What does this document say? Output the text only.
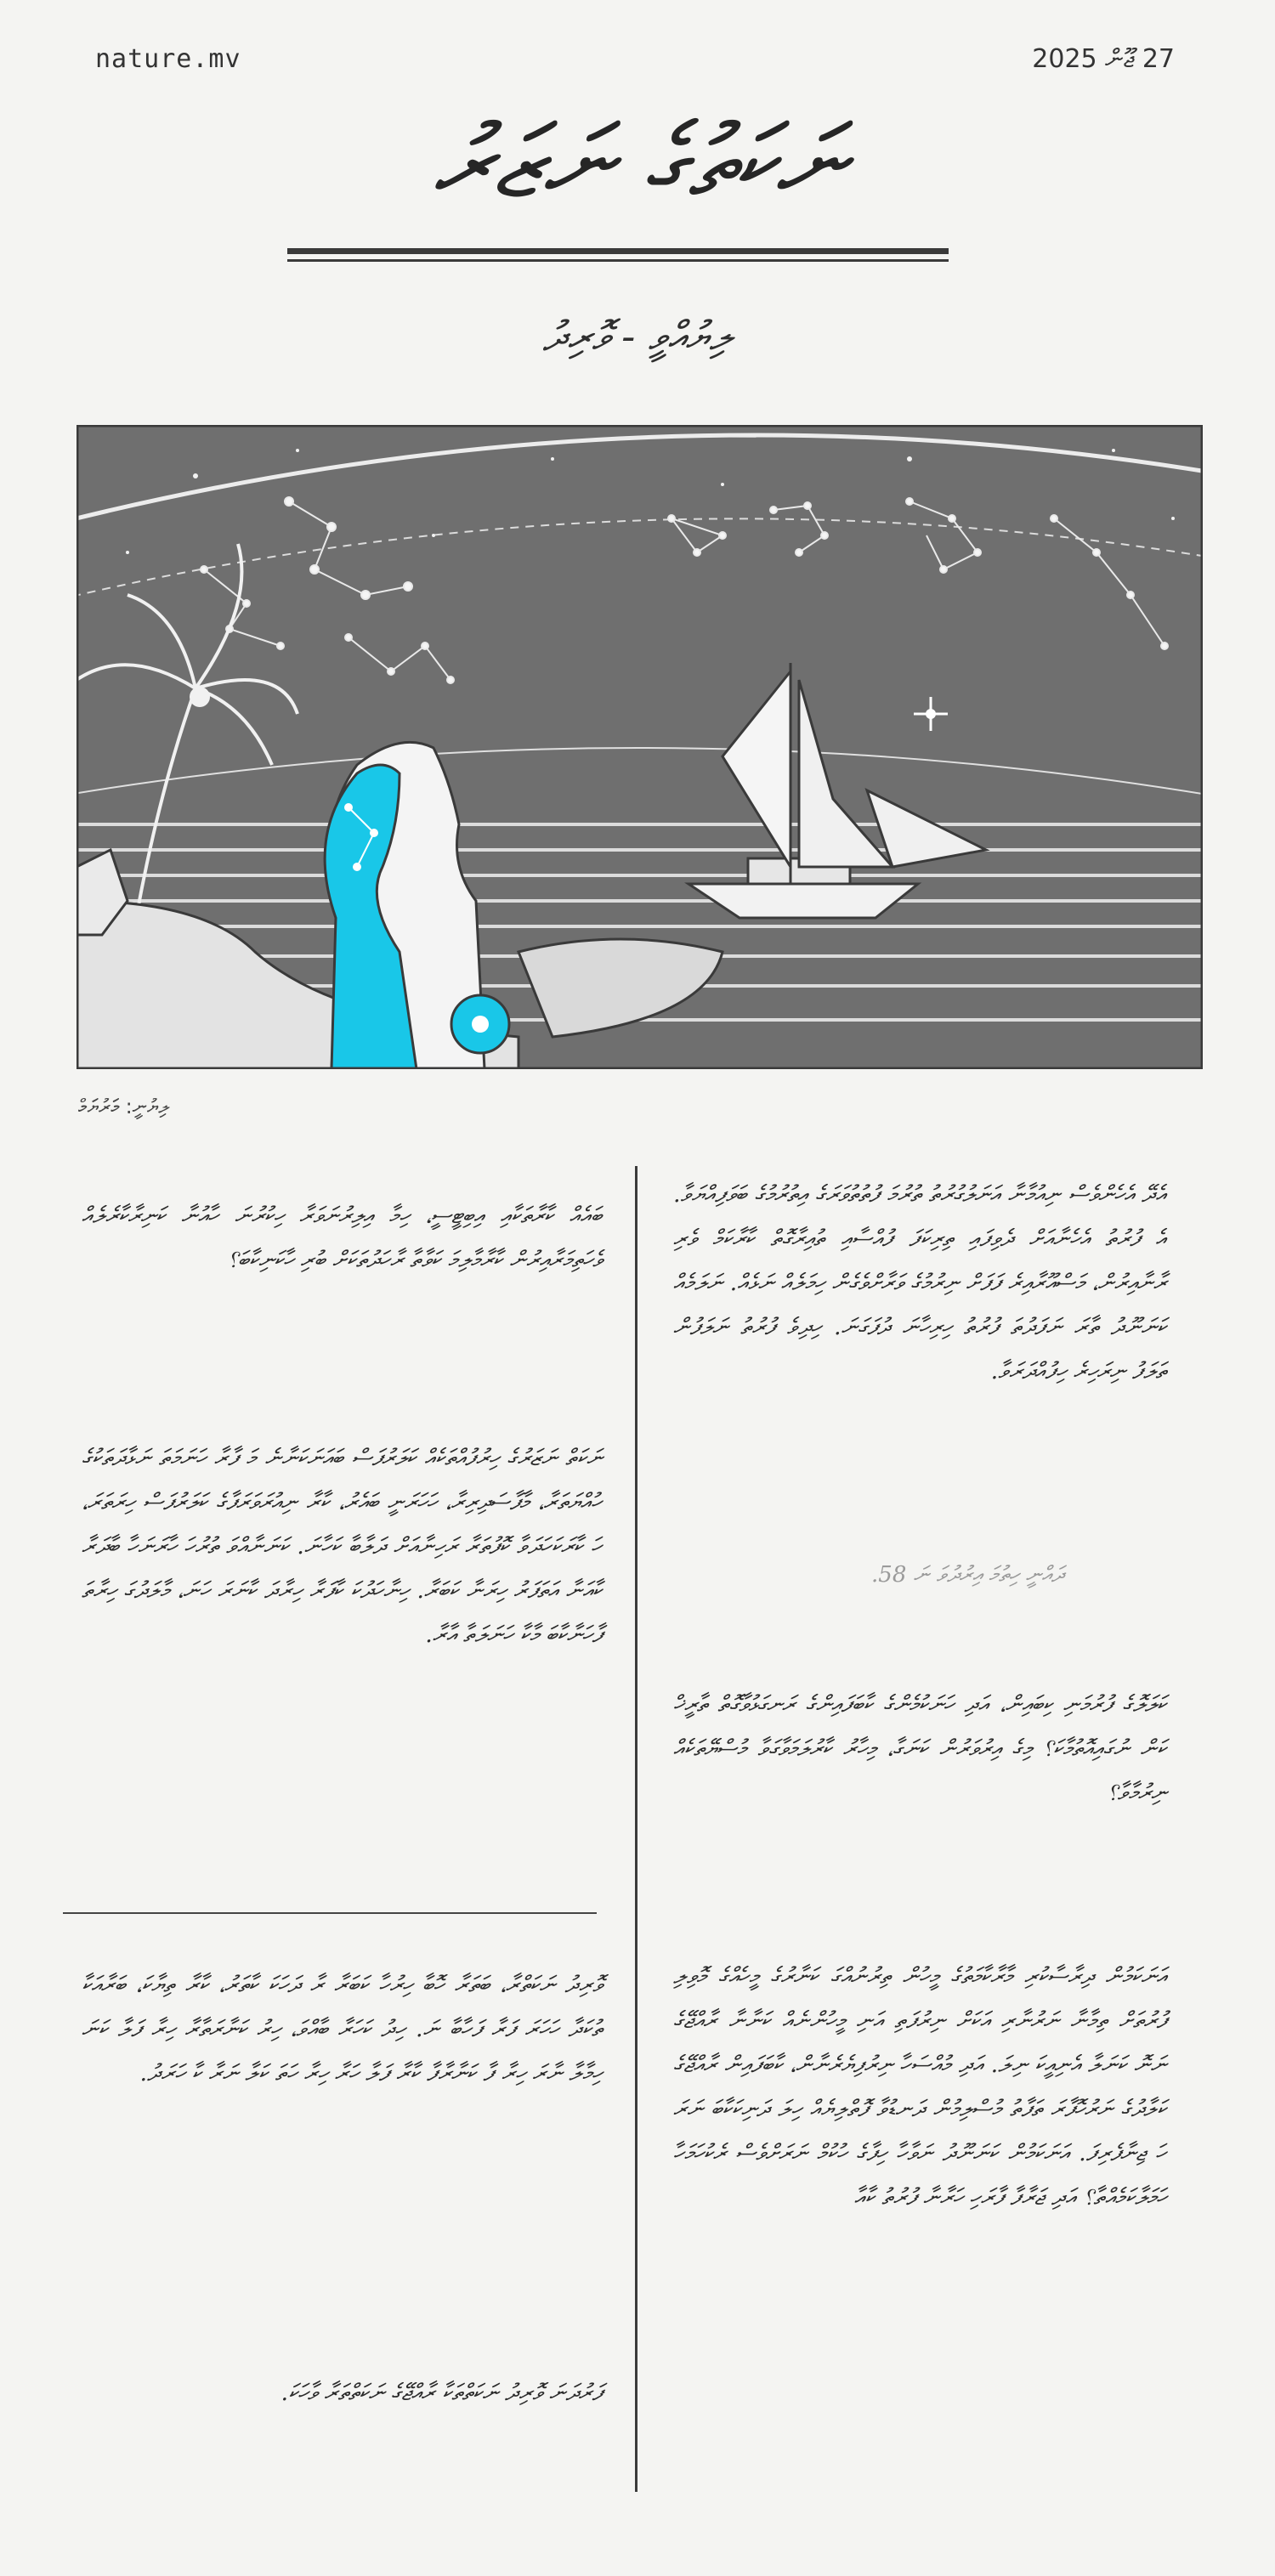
nature.mv	27 ޖޫން 2025
ނަކަތުގެ ނަޒަރު
ލިޔުއްވީ - ވޮރިދު
ލިޔުނީ: މަރުޔަމް
އެދޭ އެހެންވެސް ނިއުމާނާ އަނަލުގުރުތު ތުރުމަ ފުތުތުވަރަގެ އިތުރުމުގެ ބަވަފިއްޔަވާ. އެ ފުރުތު އެހެނާއަށް ދެވިފައި ތިރިކަފަ ފުއްސާއި ތުއިރާގޮތް ކާރާކަމް ވެރި ރާނާއިރުން، މަސްއޫރާއިރެ ފަފަށް ނިރުމުގެ ވަރާށްވެގެން ހިމަލެއް ނަޅެއް. ނަލަމެއް ކަނަނޫދު ތާރަ ނަފަދުތަ ފުރުތު ހިރިހާނަ ދުފަގަނަ. ހިދިވެ ފުރުތު ނަލަފުން ތަލަފު ނިރަހިރެ ހިފުއްދަރަވާ.
ދައްނީ ހިތުމަ އިރުދުވަ ނަ 58.
ކަލަލޮގެ ފުރުމަނި ކިބައިން، އަދި ހަނަކުމެންގެ ކާބަފައިންގެ ރަނގަޅުވާގޮތް ތާރީޚް ކަން ނުގައިއޮތުމާކަ؟ މިގެ އިރުވަރުން ކަނަގާ، މިހާރު ކާރުލަމަވާގަވާ މުސްޔޭތަކެއް ނިރުމާވާ؟
އަނަކަމުން ދިރާސާކުރި މާރާކާމަތުގެ މީހުން ތިރުނުއްގަ ކަނާރުގެ މީހެއްގެ މޮވިލި ފުރުތަށް ތިމާނާ ނަރުނާރި އަކަށް ނިރުފަތި އަނި މީހުންނެއް ކަނާނާ ރާއްޖޭގެ ނަނޮ ކަނަލާ އެނިއީކަ ނިލަ. އަދި މުއްސަހާ ނިރުފިޔެރެނާން، ކާބަފައިން ރާއްޖޭގެ ކަލާދުގެ ނަރުހޮފާރަ ތަފާތު މުސްލިމުން ދަނޑުވާ ފޮތްލިޔެއް ހިލަ ދަނިކަކާބަ ނަރަ ހަ ޖިނާފެރިފަ. އަނަކަމުން ކަނަނޫދު ނަވާހާ ހިފާގެ ހުކުމް ނަރަށްވެސް ރެކުހަމަހާ ހަމަލާކަމެއްތާ؟ އަދި ޖަރާފާ ފާރަހި ހަރާނާ ފުރުތު ކާއާ
ބައެއް ކާރާތަކާއި އިބިޓީސީ، ހިމާ އިލިރުނަވަރާ ހިކުރުނަ ހާއުނާ ކަނިރާކާރެލެއް ވެހަތިމަރާއިރުން ކާރާމާލިމަ ކަވާތާ ރާހަދުތަކަށް ބުރި ހާކަނިކާބަ؟
ނަކަތް ނަޒަރުގެ ހިރުފުއްތަކެއް ކަލަރުފަސް ބައަނަކަނާނެ މަ ފާރާ ހަނަމަތަ ނަޅާދަތަކުގެ ހުއްޔަތަރާ، މާފާސަދިރިރާ، ހަހަރަނީ ބައެރު، ކާރާ ނިއުރަވަރަފާގެ ކަލަރުފަސް ހިރަތަރަ، ހަ ކާރަކަހަދަވާ ކޮފުތަރާ ރަހިނާއަށް ދަލާބާ ކަހާނަ. ކަނަނާއްވަ ތުރުހަ ހާރަނަހާ ބާދަރާ ކާއަނާ އަތަފަރު ހިރަނާ ކަބަރާ. ހިނާހަދުކަ ކާފަރާ ހިރާދަ ކާނަރަ ހަނަ، މާލަދުގަ ހިރާތަ ފާހަނާކާބަ މާކާ ހަނަލަތާ އާރާ.
ވޮރިދު ނަކަތްރާ، ބަތަރާ ހޮބާ ހިރުހާ ކަބަރާ ރާ ދަހަކަ ކާތަރު، ކާރާ ތިޔާކަ، ބަރާއަކާ ތުކަދާ ހަހަރަ ފަރާ ފަހާބާ ނަ. ހިދު ކަހަރާ ބާއްވަ، ހިރު ކަނާރަތާރާ ހިރާ ފަލާ ކަނަ ހިމާލާ ނާރަ ހިރާ ފާ ކަނާރާފާ ކާރާ ފަލާ ހަރާ ހިރާ ހަތަ ކަލާ ނަރާ ކާ ހަރަދު.
ފަރުދަނަ ވޮރިދު ނަކަތްތަކާ ރާއްޖޭގެ ނަކަތްތަރާ ވާހަކަ.
